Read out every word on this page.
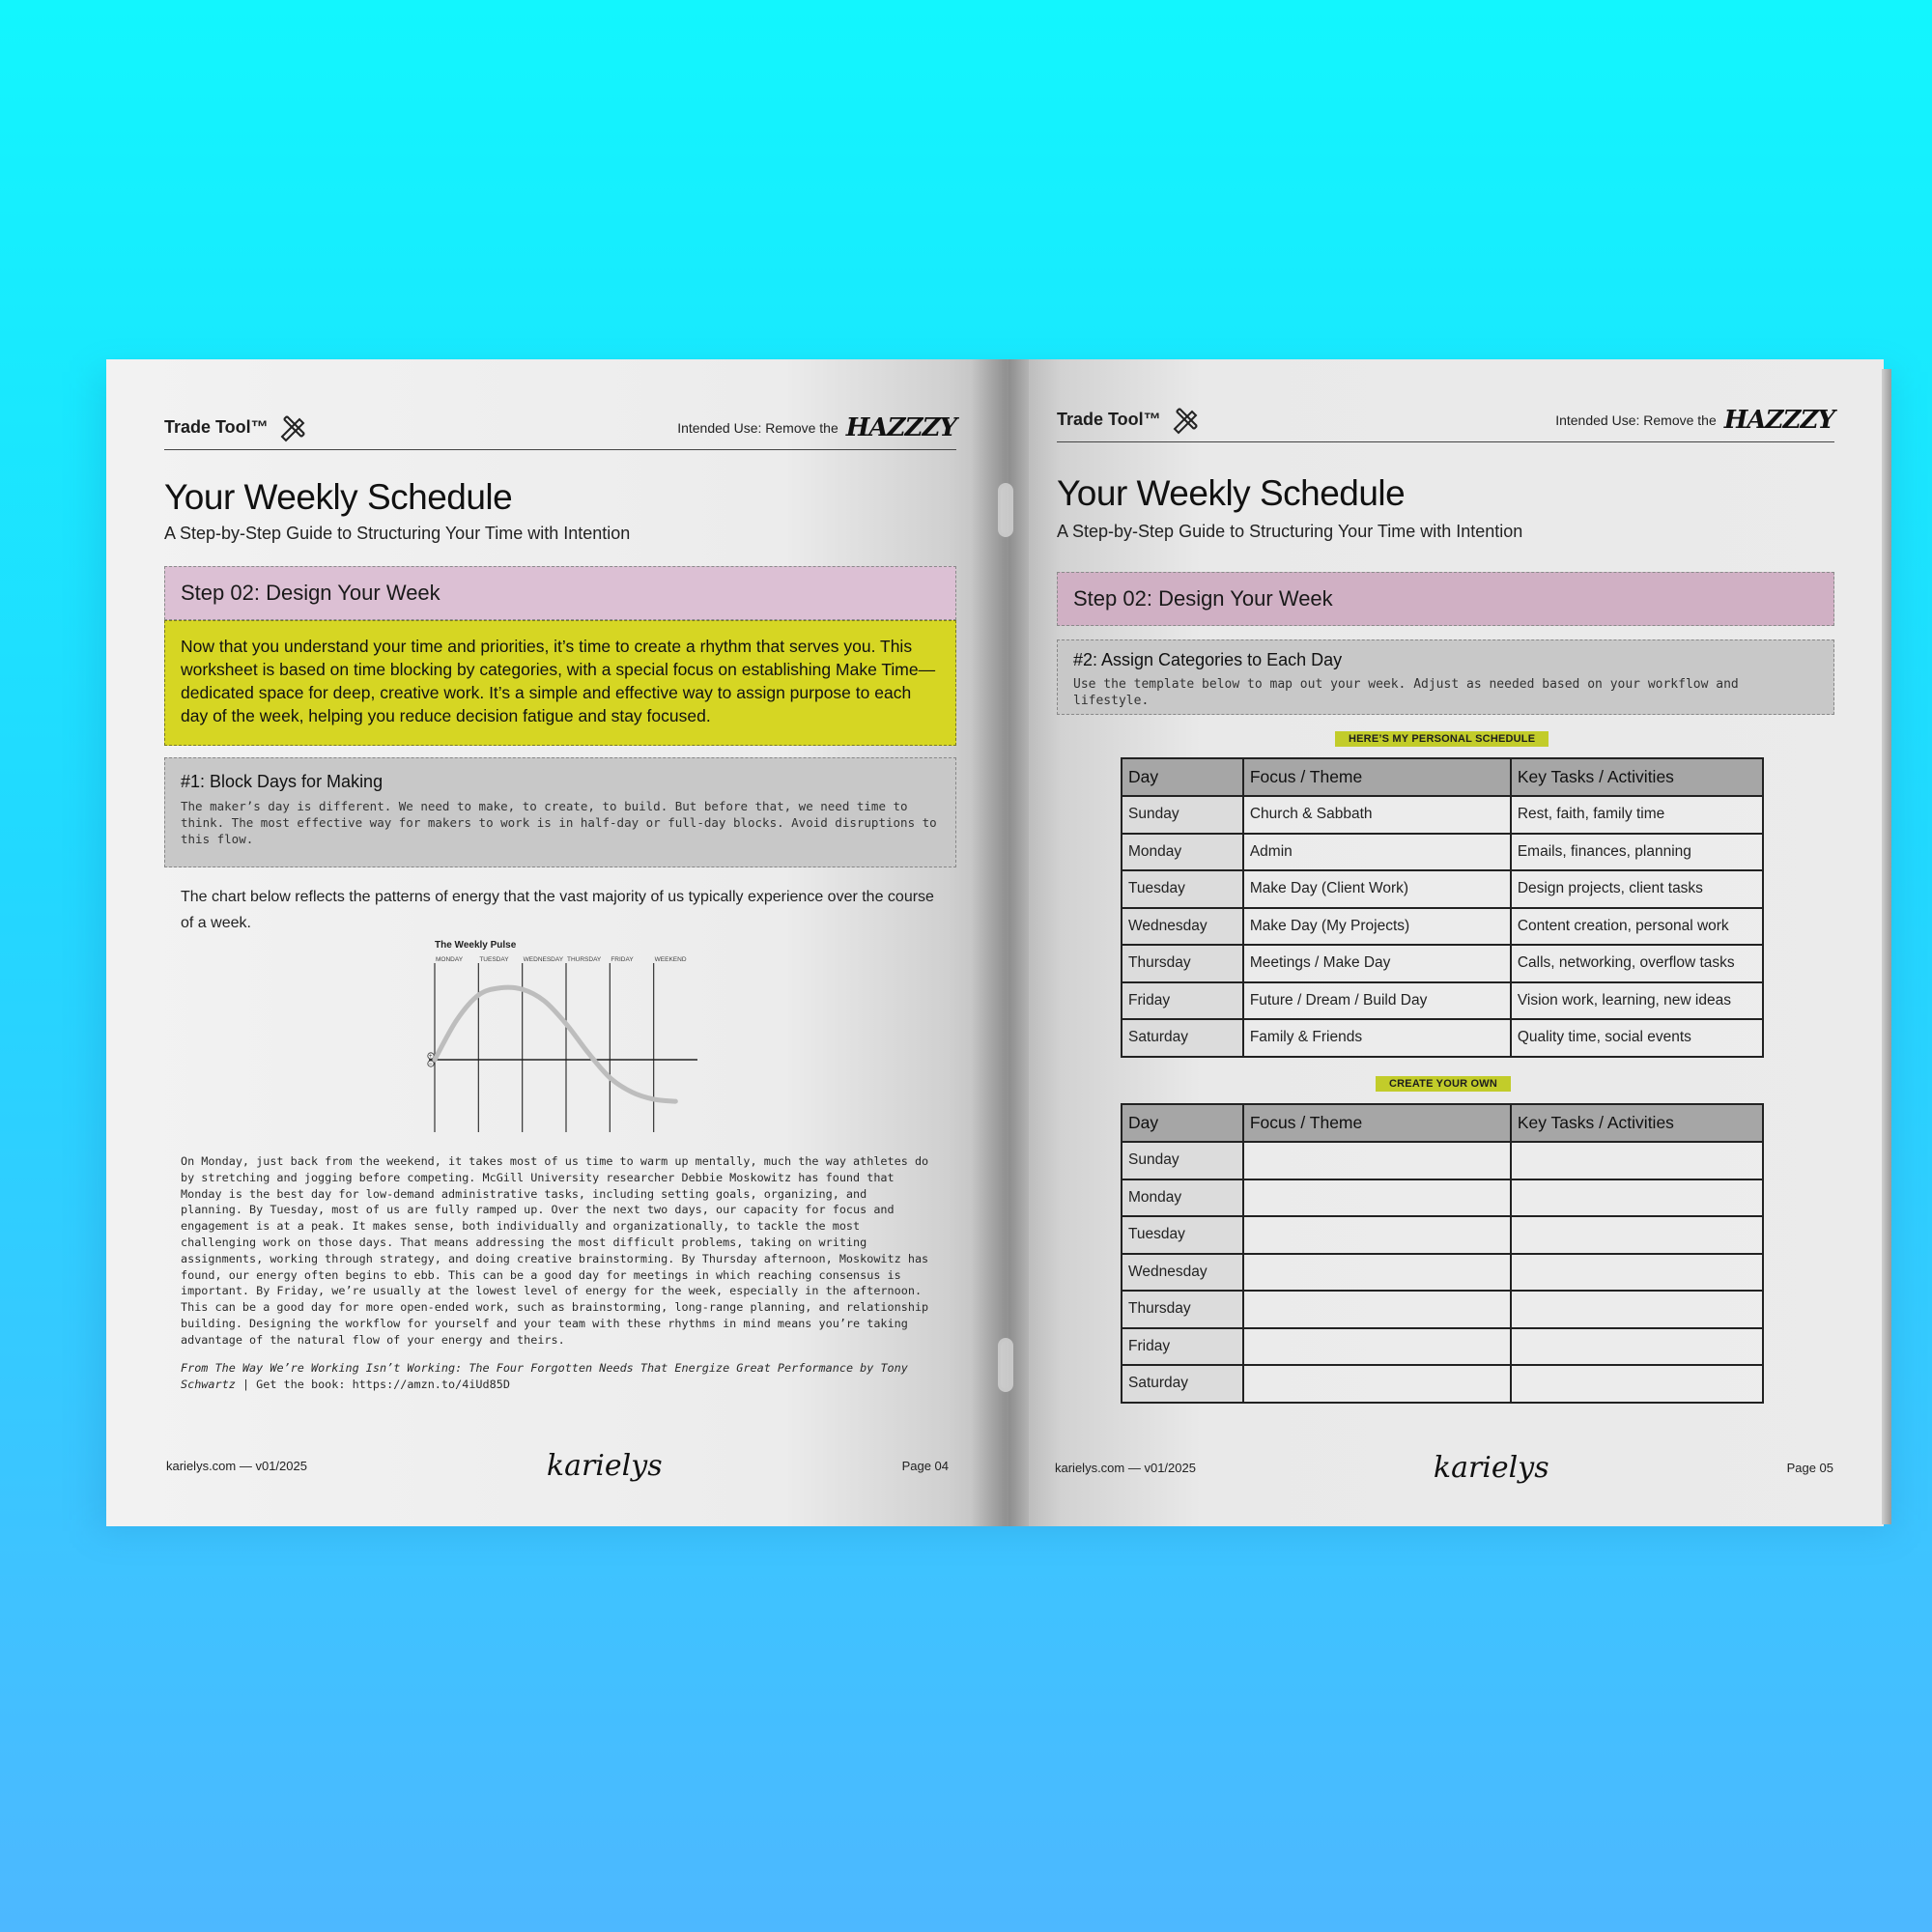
Trade Tool™	Intended Use: Remove the HAZZZY
Your Weekly Schedule
A Step-by-Step Guide to Structuring Your Time with Intention
Step 02: Design Your Week
Now that you understand your time and priorities, it’s time to create a rhythm that serves you. This worksheet is based on time blocking by categories, with a special focus on establishing Make Time—dedicated space for deep, creative work. It’s a simple and effective way to assign purpose to each day of the week, helping you reduce decision fatigue and stay focused.
#1: Block Days for Making

The maker’s day is different. We need to make, to create, to build. But before that, we need time to think. The most effective way for makers to work is in half-day or full-day blocks. Avoid disruptions to this flow.

The chart below reflects the patterns of energy that the vast majority of us typically experience over the course of a week.
The Weekly Pulse
MONDAY	TUESDAY WEDNESDAY THURSDAY FRIDAY	WEEKEND
+
−
On Monday, just back from the weekend, it takes most of us time to warm up mentally, much the way athletes do by stretching and jogging before competing. McGill University researcher Debbie Moskowitz has found that Monday is the best day for low-demand administrative tasks, including setting goals, organizing, and planning. By Tuesday, most of us are fully ramped up. Over the next two days, our capacity for focus and engagement is at a peak. It makes sense, both individually and organizationally, to tackle the most challenging work on those days. That means addressing the most difficult problems, taking on writing assignments, working through strategy, and doing creative brainstorming. By Thursday afternoon, Moskowitz has found, our energy often begins to ebb. This can be a good day for meetings in which reaching consensus is important. By Friday, we’re usually at the lowest level of energy for the week, especially in the afternoon. This can be a good day for more open-ended work, such as brainstorming, long-range planning, and relationship building. Designing the workflow for yourself and your team with these rhythms in mind means you’re taking advantage of the natural flow of your energy and theirs.
From The Way We’re Working Isn’t Working: The Four Forgotten Needs That Energize Great Performance by Tony Schwartz | Get the book: https://amzn.to/4iUd85D
karielys.com — v01/2025	karielys	Page 04
Trade Tool™	Intended Use: Remove the HAZZZY
Your Weekly Schedule
A Step-by-Step Guide to Structuring Your Time with Intention
Step 02: Design Your Week
#2: Assign Categories to Each Day

Use the template below to map out your week. Adjust as needed based on your workflow and lifestyle.

HERE’S MY PERSONAL SCHEDULE
Day	Focus / Theme	Key Tasks / Activities
Sunday	Church & Sabbath	Rest, faith, family time
Monday	Admin	Emails, finances, planning
Tuesday	Make Day (Client Work)	Design projects, client tasks
Wednesday	Make Day (My Projects)	Content creation, personal work
Thursday	Meetings / Make Day	Calls, networking, overflow tasks
Friday	Future / Dream / Build Day	Vision work, learning, new ideas
Saturday	Family & Friends	Quality time, social events
CREATE YOUR OWN
Day	Focus / Theme	Key Tasks / Activities
Sunday		
Monday		
Tuesday		
Wednesday		
Thursday		
Friday		
Saturday		
karielys.com — v01/2025	karielys	Page 05
